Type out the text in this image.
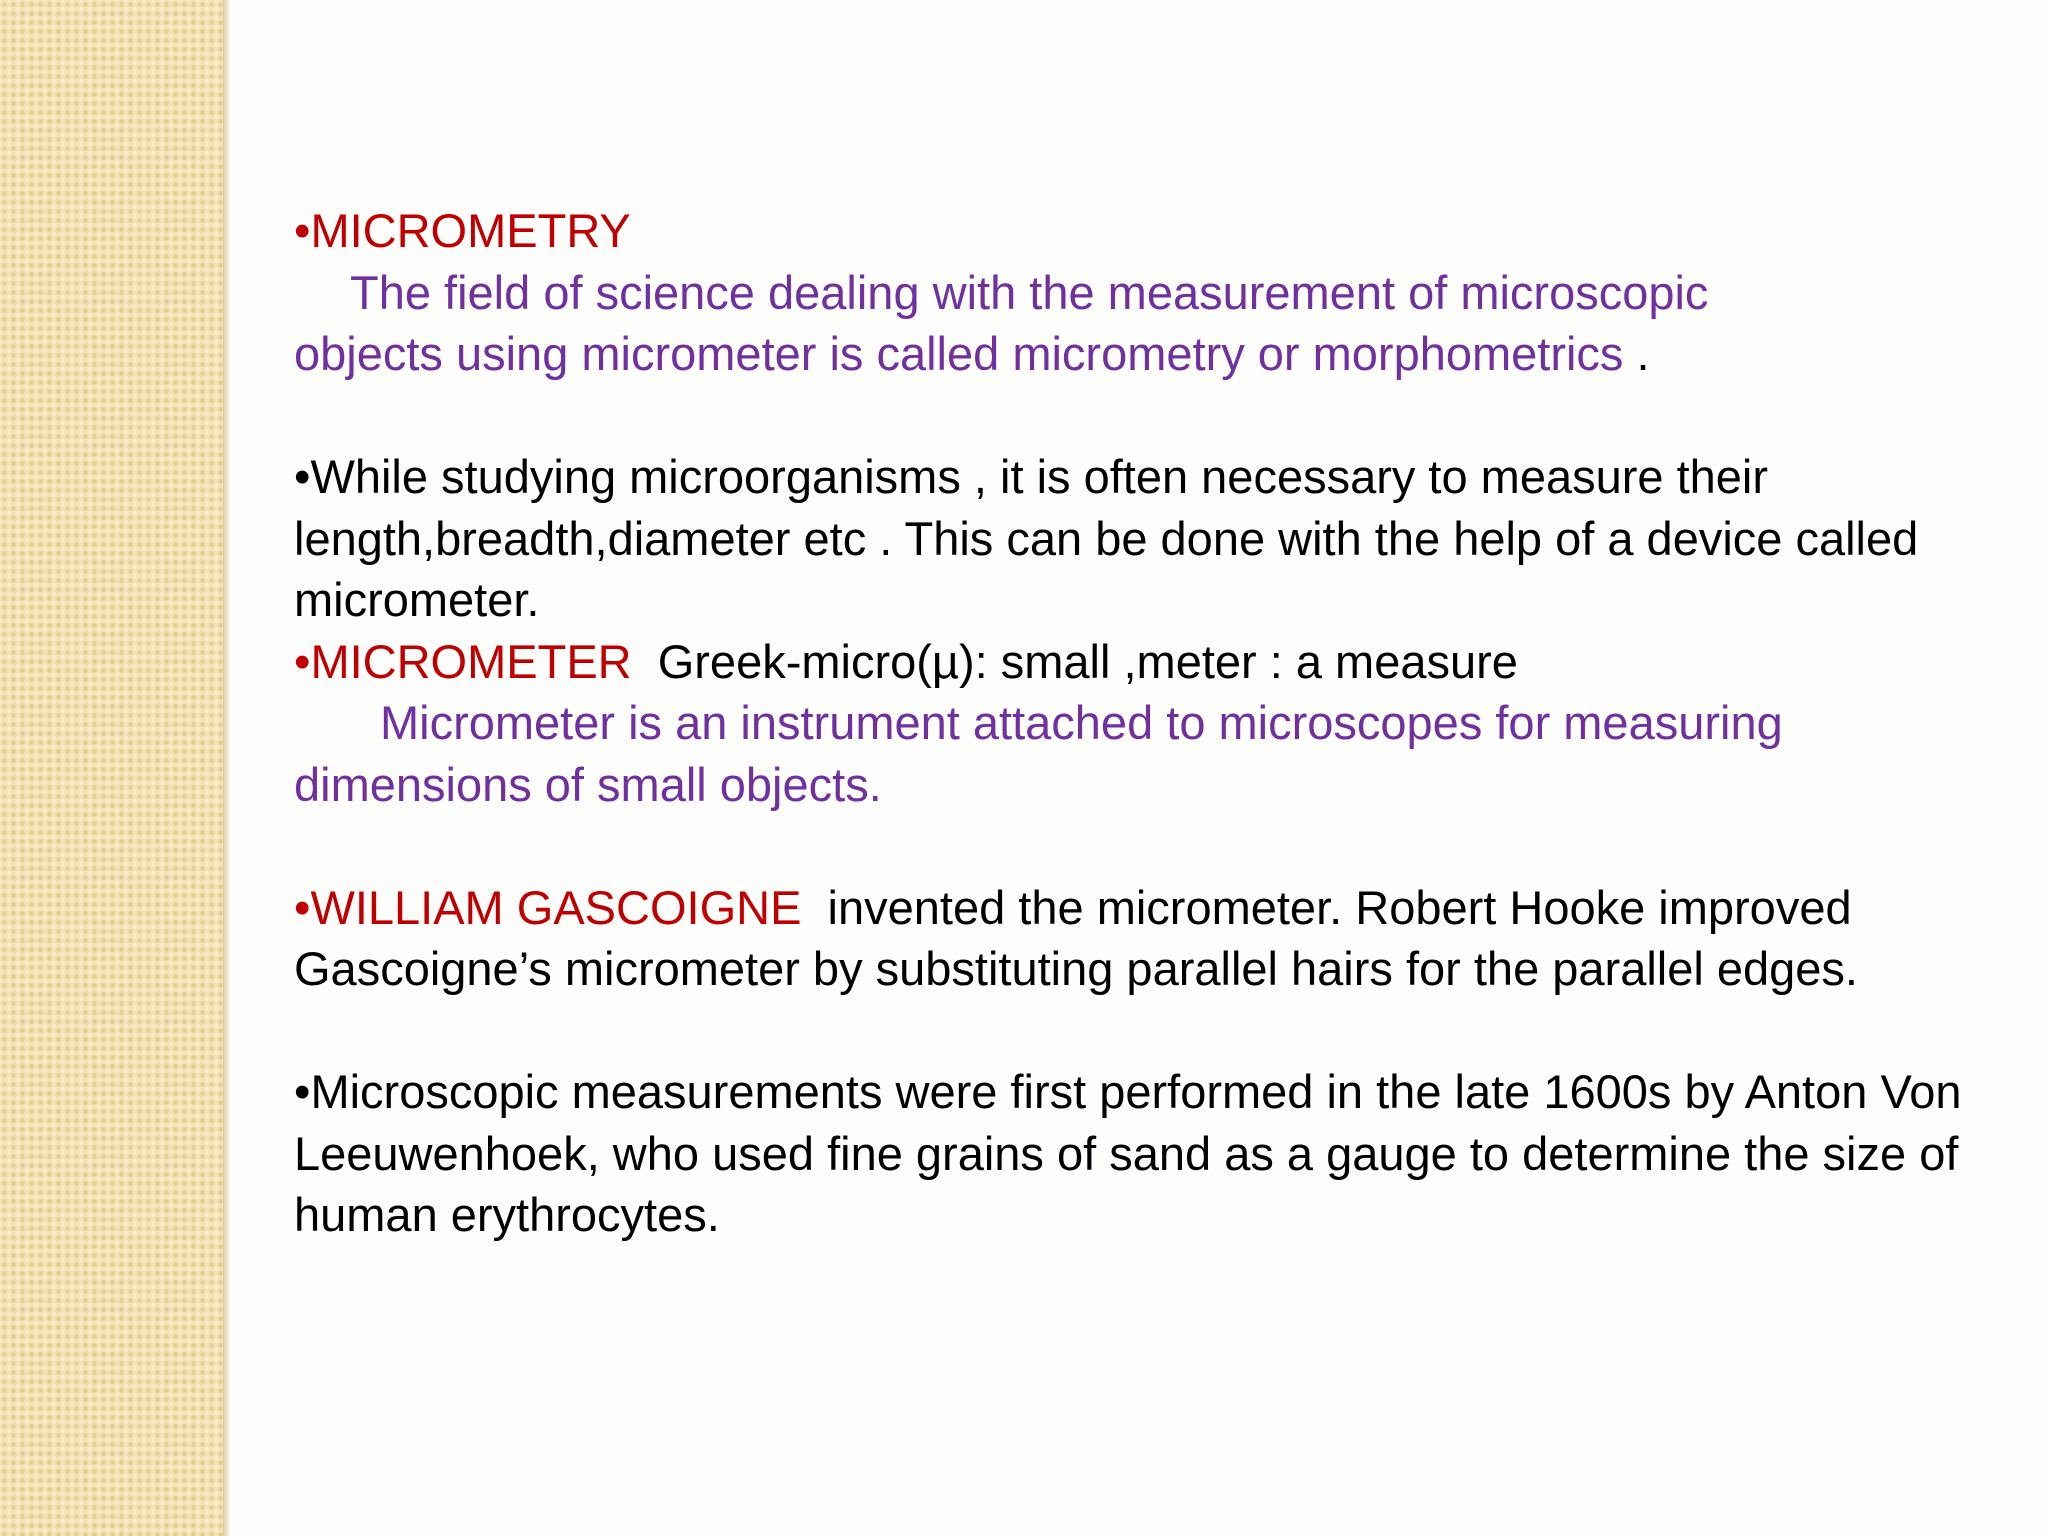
•MICROMETRY

The field of science dealing with the measurement of microscopic

objects using micrometer is called micrometry or morphometrics .

•While studying microorganisms , it is often necessary to measure their length,breadth,diameter etc . This can be done with the help of a device called micrometer.

•MICROMETER  Greek-micro(µ): small ,meter : a measure

Micrometer is an instrument attached to microscopes for measuring

dimensions of small objects.

•WILLIAM GASCOIGNE  invented the micrometer. Robert Hooke improved Gascoigne’s micrometer by substituting parallel hairs for the parallel edges.

•Microscopic measurements were first performed in the late 1600s by Anton Von Leeuwenhoek, who used fine grains of sand as a gauge to determine the size of human erythrocytes.
